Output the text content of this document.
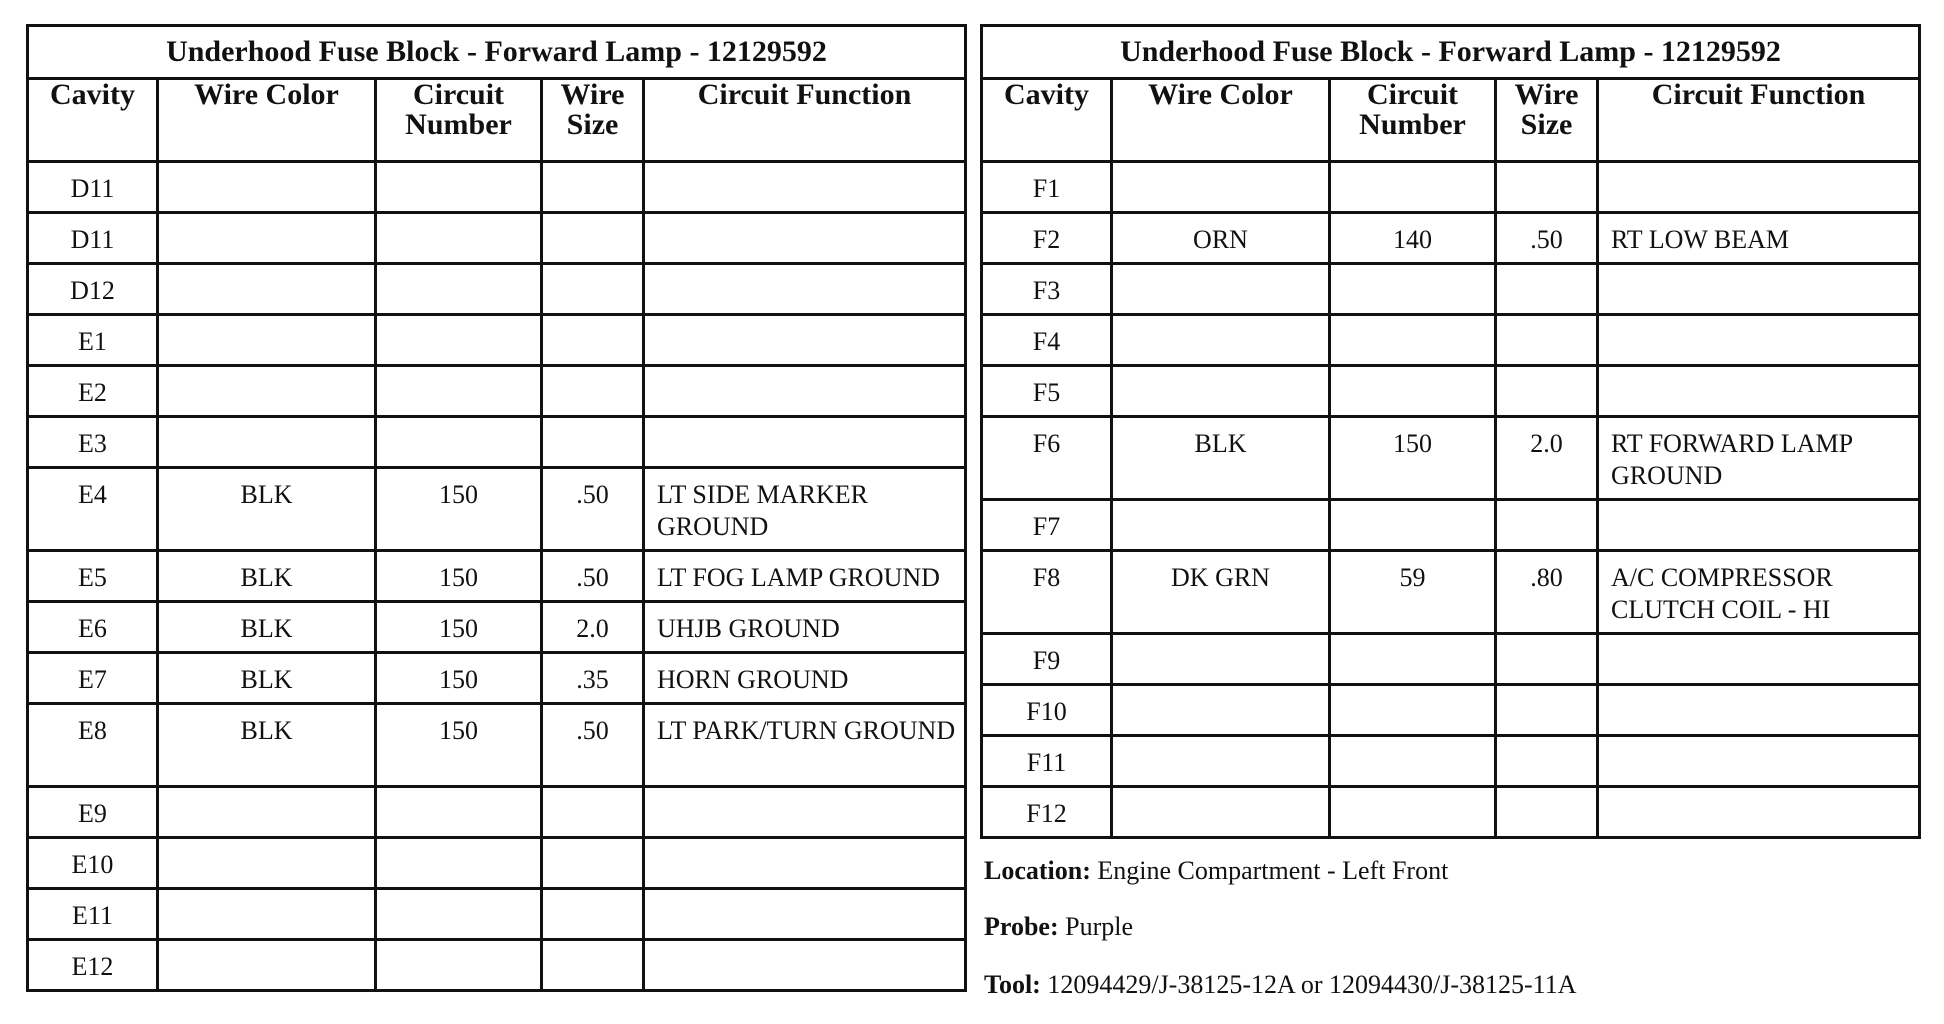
Underhood Fuse Block - Forward Lamp - 12129592				
Cavity	Wire Color	Circuit Number	Wire Size	Circuit Function
D11				
D11				
D12				
E1				
E2				
E3				
E4	BLK	150	.50	LT SIDE MARKER GROUND
E5	BLK	150	.50	LT FOG LAMP GROUND
E6	BLK	150	2.0	UHJB GROUND
E7	BLK	150	.35	HORN GROUND
E8	BLK	150	.50	LT PARK/TURN GROUND
E9				
E10				
E11				
E12				
Underhood Fuse Block - Forward Lamp - 12129592				
Cavity	Wire Color	Circuit Number	Wire Size	Circuit Function
F1				
F2	ORN	140	.50	RT LOW BEAM
F3				
F4				
F5				
F6	BLK	150	2.0	RT FORWARD LAMP GROUND
F7				
F8	DK GRN	59	.80	A/C COMPRESSOR CLUTCH COIL - HI
F9				
F10				
F11				
F12				
Location: Engine Compartment - Left Front
Probe: Purple
Tool: 12094429/J-38125-12A or 12094430/J-38125-11A
